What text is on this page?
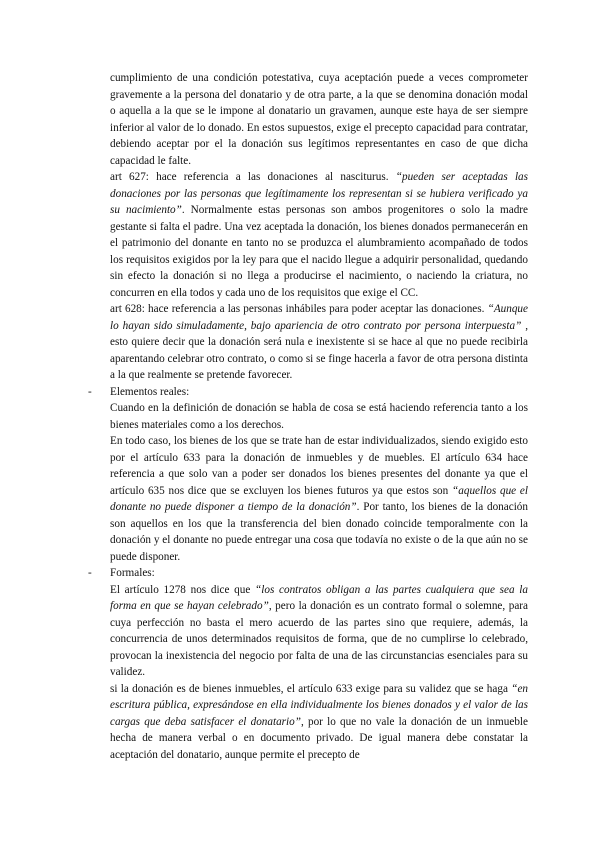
cumplimiento de una condición potestativa, cuya aceptación puede a veces comprometer gravemente a la persona del donatario y de otra parte, a la que se denomina donación modal o aquella a la que se le impone al donatario un gravamen, aunque este haya de ser siempre inferior al valor de lo donado. En estos supuestos, exige el precepto capacidad para contratar, debiendo aceptar por el la donación sus legítimos representantes en caso de que dicha capacidad le falte.

art 627: hace referencia a las donaciones al nasciturus. “pueden ser aceptadas las donaciones por las personas que legítimamente los representan si se hubiera verificado ya su nacimiento”. Normalmente estas personas son ambos progenitores o solo la madre gestante si falta el padre. Una vez aceptada la donación, los bienes donados permanecerán en el patrimonio del donante en tanto no se produzca el alumbramiento acompañado de todos los requisitos exigidos por la ley para que el nacido llegue a adquirir personalidad, quedando sin efecto la donación si no llega a producirse el nacimiento, o naciendo la criatura, no concurren en ella todos y cada uno de los requisitos que exige el CC.

art 628: hace referencia a las personas inhábiles para poder aceptar las donaciones. “Aunque lo hayan sido simuladamente, bajo apariencia de otro contrato por persona interpuesta” , esto quiere decir que la donación será nula e inexistente si se hace al que no puede recibirla aparentando celebrar otro contrato, o como si se finge hacerla a favor de otra persona distinta a la que realmente se pretende favorecer.

- Elementos reales:

Cuando en la definición de donación se habla de cosa se está haciendo referencia tanto a los bienes materiales como a los derechos.

En todo caso, los bienes de los que se trate han de estar individualizados, siendo exigido esto por el artículo 633 para la donación de inmuebles y de muebles. El artículo 634 hace referencia a que solo van a poder ser donados los bienes presentes del donante ya que el artículo 635 nos dice que se excluyen los bienes futuros ya que estos son “aquellos que el donante no puede disponer a tiempo de la donación”. Por tanto, los bienes de la donación son aquellos en los que la transferencia del bien donado coincide temporalmente con la donación y el donante no puede entregar una cosa que todavía no existe o de la que aún no se puede disponer.

- Formales:

El artículo 1278 nos dice que “los contratos obligan a las partes cualquiera que sea la forma en que se hayan celebrado”, pero la donación es un contrato formal o solemne, para cuya perfección no basta el mero acuerdo de las partes sino que requiere, además, la concurrencia de unos determinados requisitos de forma, que de no cumplirse lo celebrado, provocan la inexistencia del negocio por falta de una de las circunstancias esenciales para su validez.

si la donación es de bienes inmuebles, el artículo 633 exige para su validez que se haga “en escritura pública, expresándose en ella individualmente los bienes donados y el valor de las cargas que deba satisfacer el donatario”, por lo que no vale la donación de un inmueble hecha de manera verbal o en documento privado. De igual manera debe constatar la aceptación del donatario, aunque permite el precepto de
